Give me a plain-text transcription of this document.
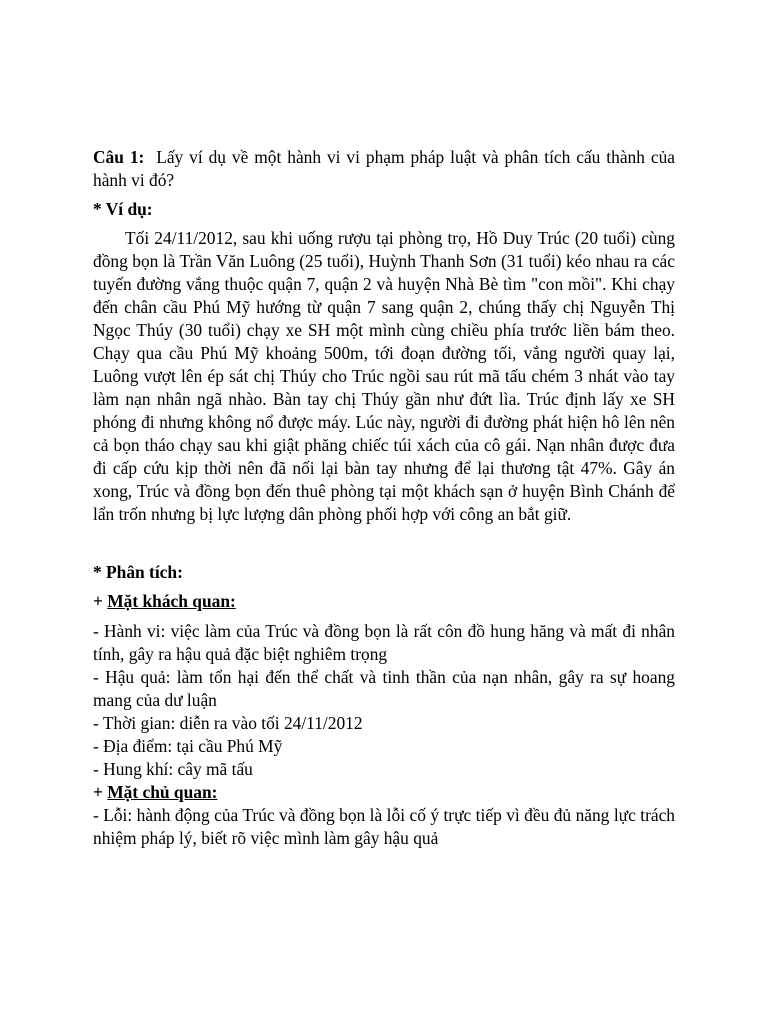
Câu 1: Lấy ví dụ về một hành vi vi phạm pháp luật và phân tích cấu thành của hành vi đó?

* Ví dụ:

Tối 24/11/2012, sau khi uống rượu tại phòng trọ, Hồ Duy Trúc (20 tuổi) cùng đồng bọn là Trần Văn Luông (25 tuổi), Huỳnh Thanh Sơn (31 tuổi) kéo nhau ra các tuyến đường vắng thuộc quận 7, quận 2 và huyện Nhà Bè tìm "con mồi". Khi chạy đến chân cầu Phú Mỹ hướng từ quận 7 sang quận 2, chúng thấy chị Nguyễn Thị Ngọc Thúy (30 tuổi) chạy xe SH một mình cùng chiều phía trước liền bám theo. Chạy qua cầu Phú Mỹ khoảng 500m, tới đoạn đường tối, vắng người quay lại, Luông vượt lên ép sát chị Thúy cho Trúc ngồi sau rút mã tấu chém 3 nhát vào tay làm nạn nhân ngã nhào. Bàn tay chị Thúy gần như đứt lìa. Trúc định lấy xe SH phóng đi nhưng không nổ được máy. Lúc này, người đi đường phát hiện hô lên nên cả bọn tháo chạy sau khi giật phăng chiếc túi xách của cô gái. Nạn nhân được đưa đi cấp cứu kịp thời nên đã nối lại bàn tay nhưng để lại thương tật 47%. Gây án xong, Trúc và đồng bọn đến thuê phòng tại một khách sạn ở huyện Bình Chánh để lẩn trốn nhưng bị lực lượng dân phòng phối hợp với công an bắt giữ.

* Phân tích:

+ Mặt khách quan:

- Hành vi: việc làm của Trúc và đồng bọn là rất côn đồ hung hăng và mất đi nhân tính, gây ra hậu quả đặc biệt nghiêm trọng

- Hậu quả: làm tổn hại đến thể chất và tinh thần của nạn nhân, gây ra sự hoang mang của dư luận

- Thời gian: diễn ra vào tối 24/11/2012

- Địa điểm: tại cầu Phú Mỹ

- Hung khí: cây mã tấu

+ Mặt chủ quan:

- Lỗi: hành động của Trúc và đồng bọn là lỗi cố ý trực tiếp vì đều đủ năng lực trách nhiệm pháp lý, biết rõ việc mình làm gây hậu quả
